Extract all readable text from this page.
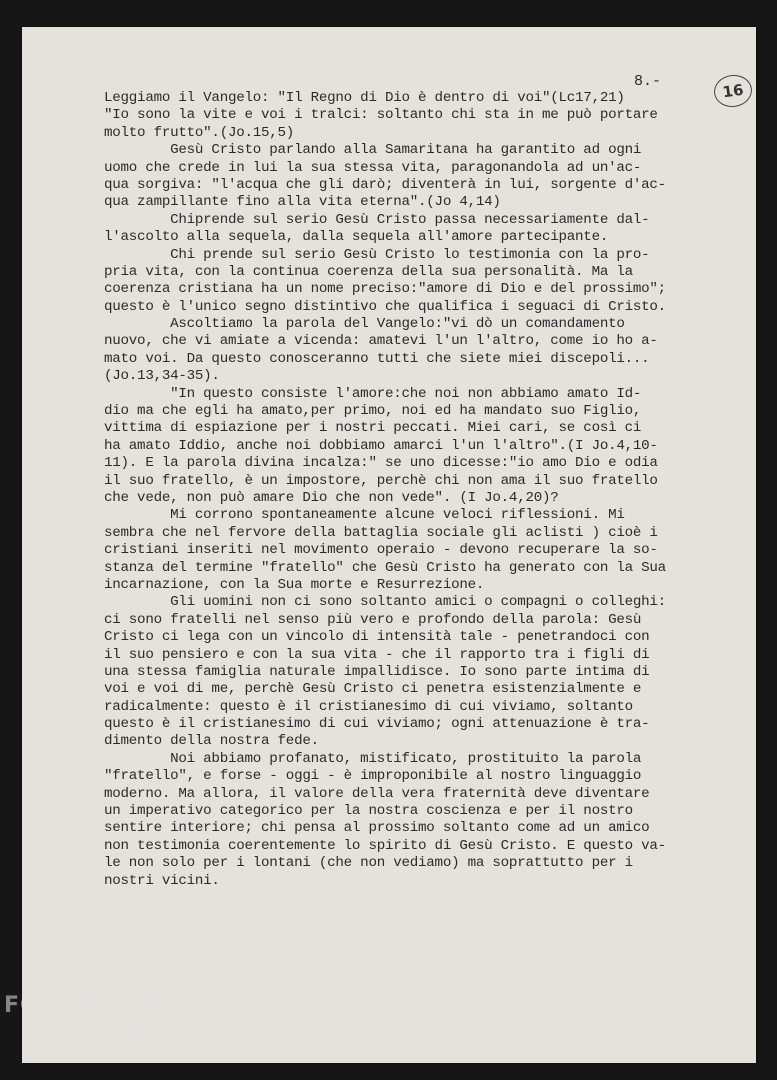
16
8.-
Leggiamo il Vangelo: "Il Regno di Dio è dentro di voi"(Lc17,21)
"Io sono la vite e voi i tralci: soltanto chi sta in me può portare
molto frutto".(Jo.15,5)
Gesù Cristo parlando alla Samaritana ha garantito ad ogni
uomo che crede in lui la sua stessa vita, paragonandola ad un'ac-
qua sorgiva: "l'acqua che gli darò; diventerà in lui, sorgente d'ac-
qua zampillante fino alla vita eterna".(Jo 4,14)
Chiprende sul serio Gesù Cristo passa necessariamente dal-
l'ascolto alla sequela, dalla sequela all'amore partecipante.
Chi prende sul serio Gesù Cristo lo testimonia con la pro-
pria vita, con la continua coerenza della sua personalità. Ma la
coerenza cristiana ha un nome preciso:"amore di Dio e del prossimo";
questo è l'unico segno distintivo che qualifica i seguaci di Cristo.
Ascoltiamo la parola del Vangelo:"vi dò un comandamento
nuovo, che vi amiate a vicenda: amatevi l'un l'altro, come io ho a-
mato voi. Da questo conosceranno tutti che siete miei discepoli...
(Jo.13,34-35).
"In questo consiste l'amore:che noi non abbiamo amato Id-
dio ma che egli ha amato,per primo, noi ed ha mandato suo Figlio,
vittima di espiazione per i nostri peccati. Miei cari, se così ci
ha amato Iddio, anche noi dobbiamo amarci l'un l'altro".(I Jo.4,10-
11). E la parola divina incalza:" se uno dicesse:"io amo Dio e odia
il suo fratello, è un impostore, perchè chi non ama il suo fratello
che vede, non può amare Dio che non vede". (I Jo.4,20)?
Mi corrono spontaneamente alcune veloci riflessioni. Mi
sembra che nel fervore della battaglia sociale gli aclisti ) cioè i
cristiani inseriti nel movimento operaio - devono recuperare la so-
stanza del termine "fratello" che Gesù Cristo ha generato con la Sua
incarnazione, con la Sua morte e Resurrezione.
Gli uomini non ci sono soltanto amici o compagni o colleghi:
ci sono fratelli nel senso più vero e profondo della parola: Gesù
Cristo ci lega con un vincolo di intensità tale - penetrandoci con
il suo pensiero e con la sua vita - che il rapporto tra i figli di
una stessa famiglia naturale impallidisce. Io sono parte intima di
voi e voi di me, perchè Gesù Cristo ci penetra esistenzialmente e
radicalmente: questo è il cristianesimo di cui viviamo, soltanto
questo è il cristianesimo di cui viviamo; ogni attenuazione è tra-
dimento della nostra fede.
Noi abbiamo profanato, mistificato, prostituito la parola
"fratello", e forse - oggi - è improponibile al nostro linguaggio
moderno. Ma allora, il valore della vera fraternità deve diventare
un imperativo categorico per la nostra coscienza e per il nostro
sentire interiore; chi pensa al prossimo soltanto come ad un amico
non testimonia coerentemente lo spirito di Gesù Cristo. E questo va-
le non solo per i lontani (che non vediamo) ma soprattutto per i
nostri vicini.
FONDAZIONE
GRAMSCI
onlus
